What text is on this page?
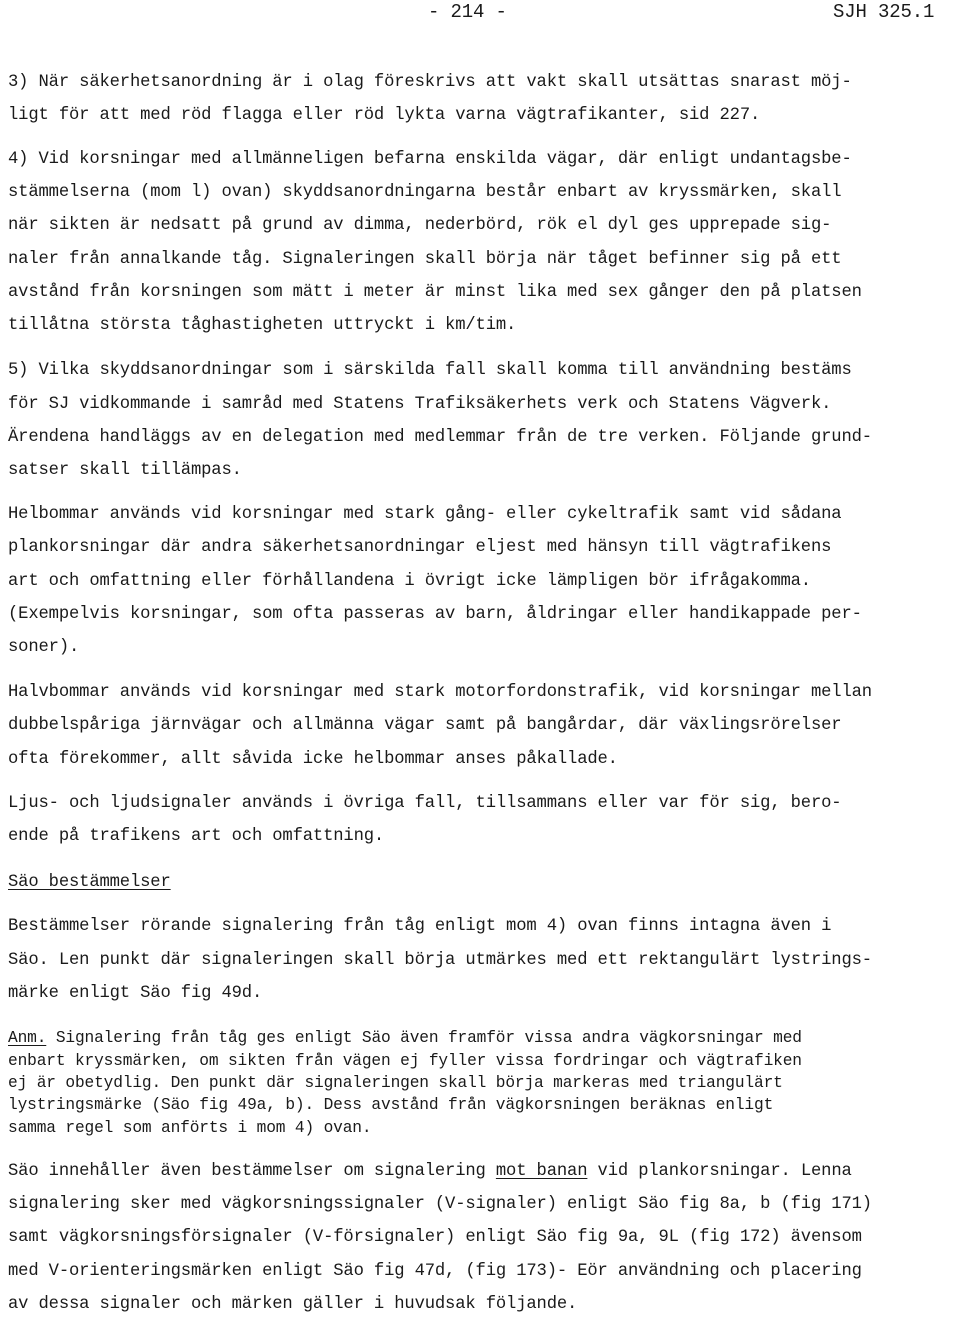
- 214 -	SJH 325.1
3) När säkerhetsanordning är i olag föreskrivs att vakt skall utsättas snarast möj-
ligt för att med röd flagga eller röd lykta varna vägtrafikanter, sid 227.
4) Vid korsningar med allmänneligen befarna enskilda vägar, där enligt undantagsbe-
stämmelserna (mom l) ovan) skyddsanordningarna består enbart av kryssmärken, skall
när sikten är nedsatt på grund av dimma, nederbörd, rök el dyl ges upprepade sig-
naler från annalkande tåg. Signaleringen skall börja när tåget befinner sig på ett
avstånd från korsningen som mätt i meter är minst lika med sex gånger den på platsen
tillåtna största tåghastigheten uttryckt i km/tim.
5) Vilka skyddsanordningar som i särskilda fall skall komma till användning bestäms
för SJ vidkommande i samråd med Statens Trafiksäkerhets verk och Statens Vägverk.
Ärendena handläggs av en delegation med medlemmar från de tre verken. Följande grund-
satser skall tillämpas.
Helbommar används vid korsningar med stark gång- eller cykeltrafik samt vid sådana
plankorsningar där andra säkerhetsanordningar eljest med hänsyn till vägtrafikens
art och omfattning eller förhållandena i övrigt icke lämpligen bör ifrågakomma.
(Exempelvis korsningar, som ofta passeras av barn, åldringar eller handikappade per-
soner).
Halvbommar används vid korsningar med stark motorfordonstrafik, vid korsningar mellan
dubbelspåriga järnvägar och allmänna vägar samt på bangårdar, där växlingsrörelser
ofta förekommer, allt såvida icke helbommar anses påkallade.
Ljus- och ljudsignaler används i övriga fall, tillsammans eller var för sig, bero-
ende på trafikens art och omfattning.
Säo bestämmelser
Bestämmelser rörande signalering från tåg enligt mom 4) ovan finns intagna även i
Säo. Len punkt där signaleringen skall börja utmärkes med ett rektangulärt lystrings-
märke enligt Säo fig 49d.
Anm. Signalering från tåg ges enligt Säo även framför vissa andra vägkorsningar med
enbart kryssmärken, om sikten från vägen ej fyller vissa fordringar och vägtrafiken
ej är obetydlig. Den punkt där signaleringen skall börja markeras med triangulärt
lystringsmärke (Säo fig 49a, b). Dess avstånd från vägkorsningen beräknas enligt
samma regel som anförts i mom 4) ovan.
Säo innehåller även bestämmelser om signalering mot banan vid plankorsningar. Lenna
signalering sker med vägkorsningssignaler (V-signaler) enligt Säo fig 8a, b (fig 171)
samt vägkorsningsförsignaler (V-försignaler) enligt Säo fig 9a, 9L (fig 172) ävensom
med V-orienteringsmärken enligt Säo fig 47d, (fig 173)- Eör användning och placering
av dessa signaler och märken gäller i huvudsak följande.
